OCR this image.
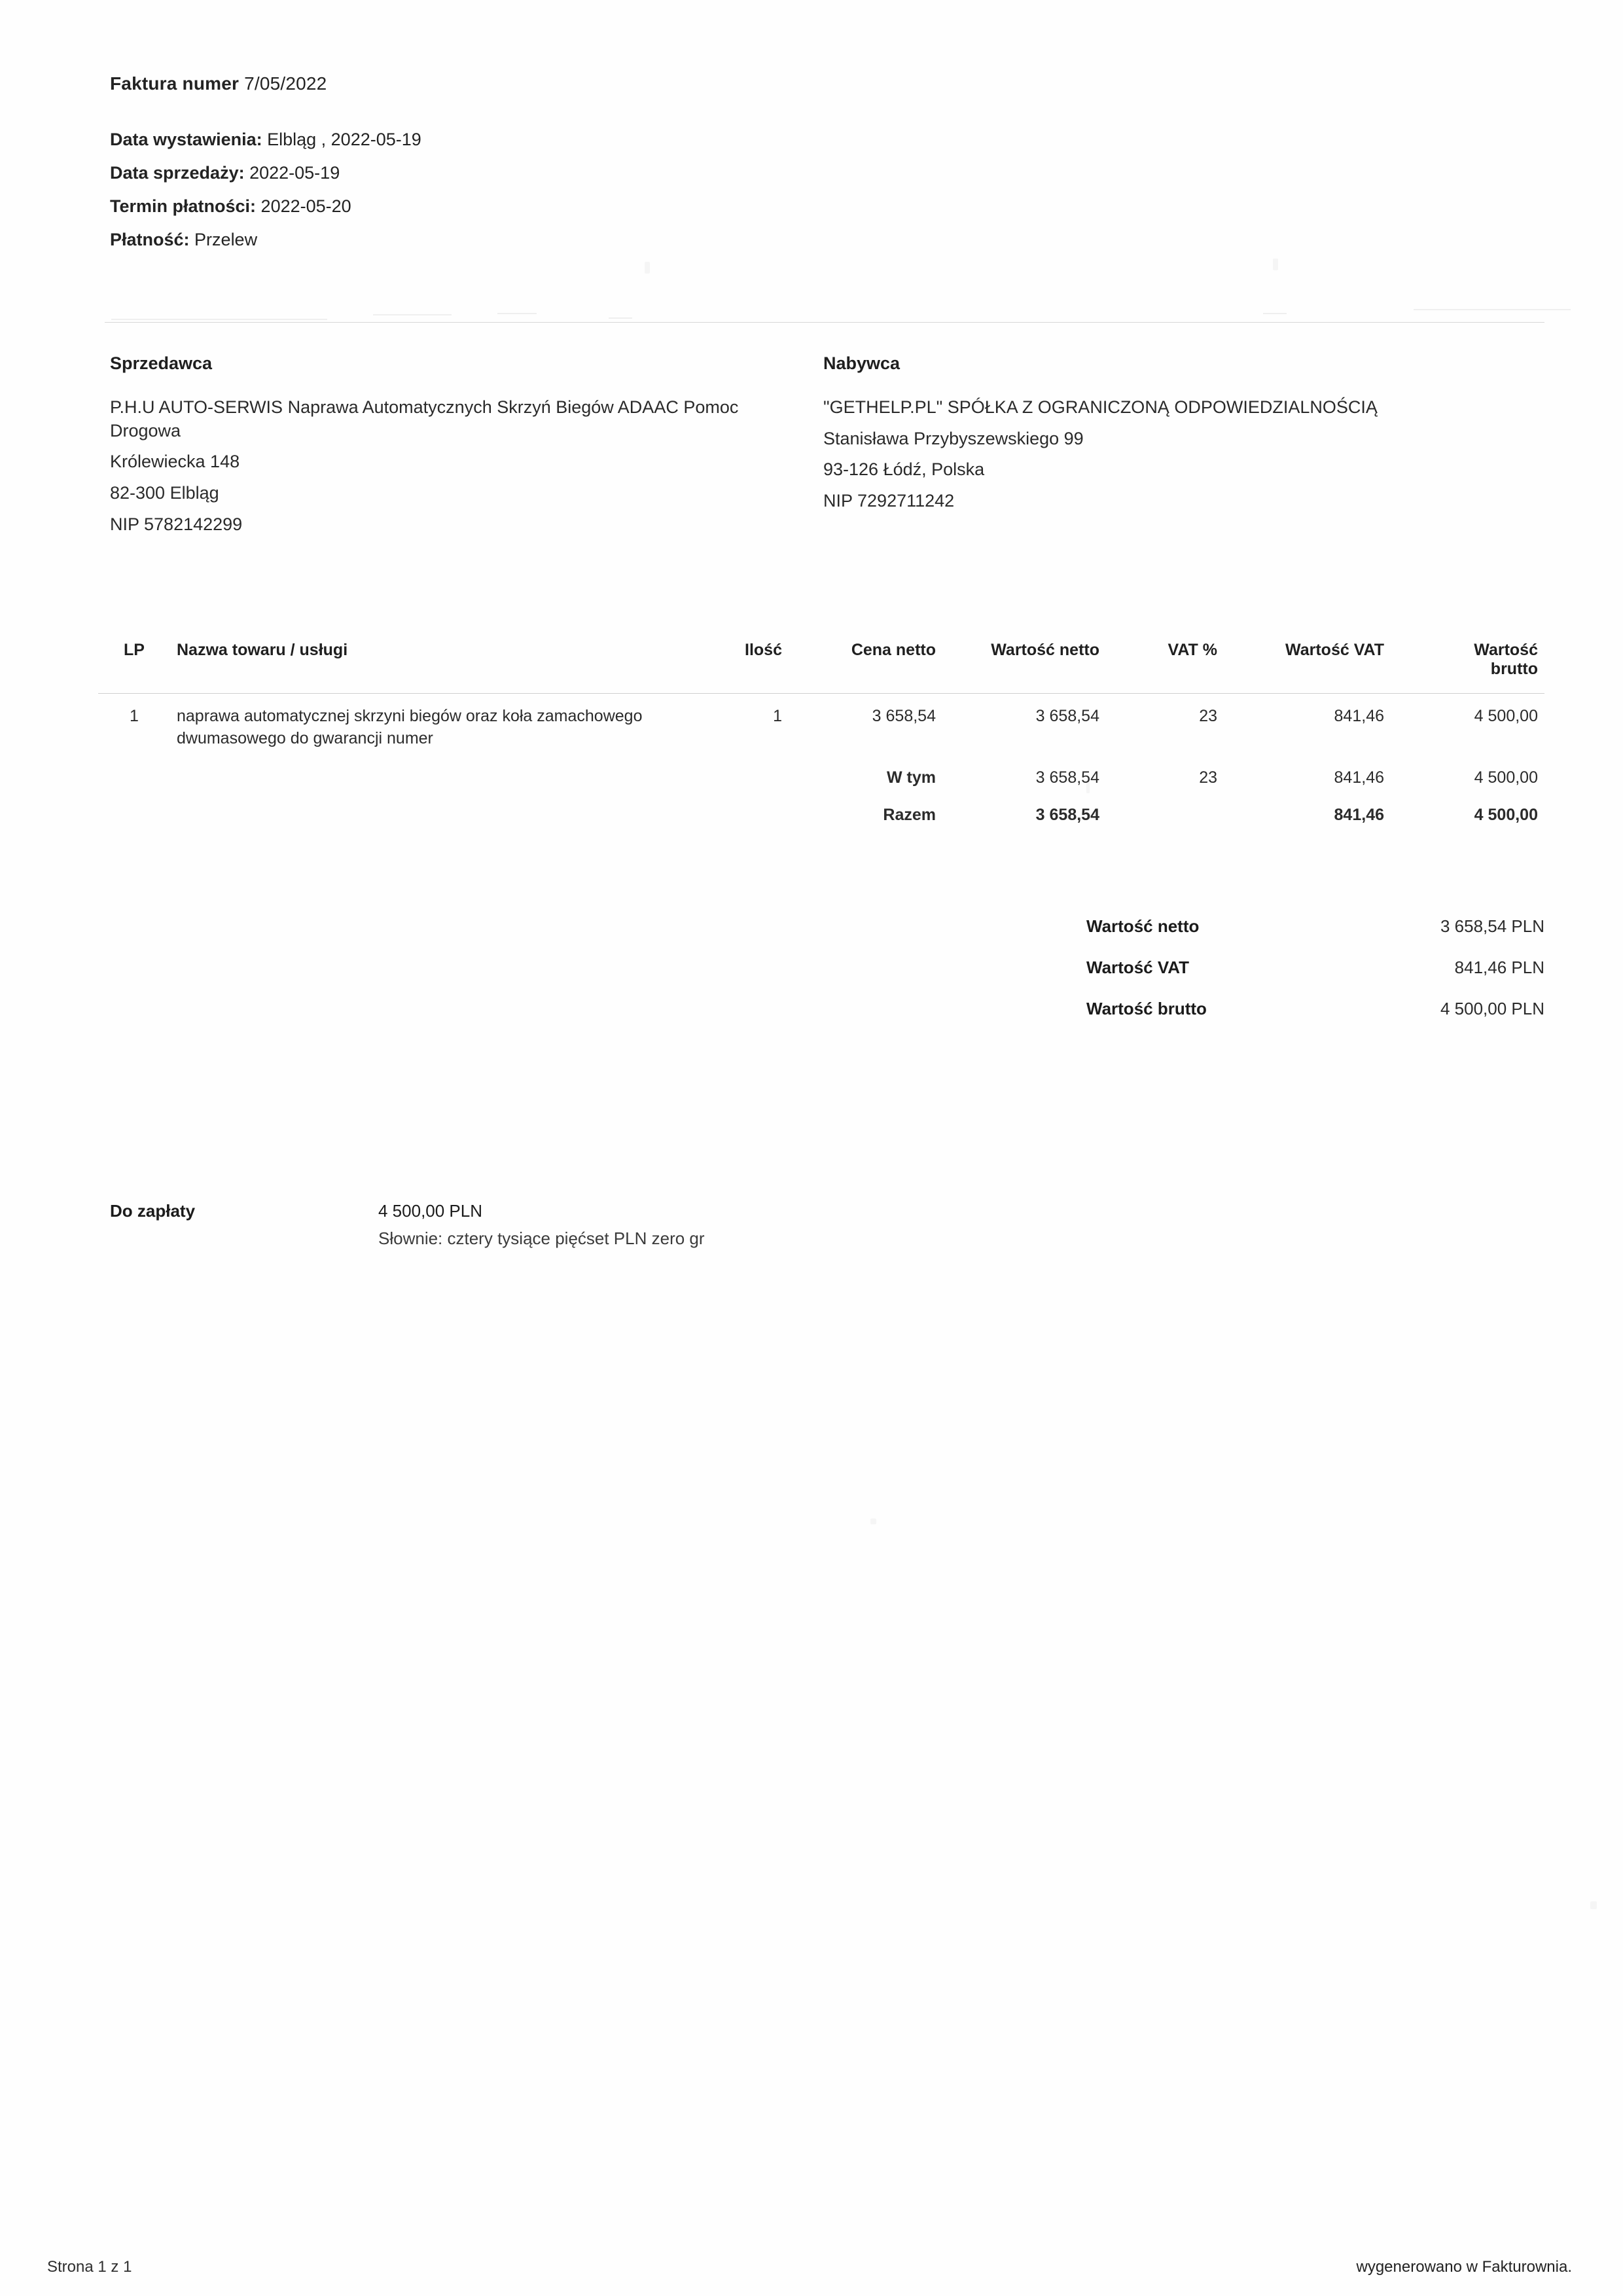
Faktura numer 7/05/2022
Data wystawienia: Elbląg , 2022-05-19
Data sprzedaży: 2022-05-19
Termin płatności: 2022-05-20
Płatność: Przelew
Sprzedawca

P.H.U AUTO-SERWIS Naprawa Automatycznych Skrzyń Biegów ADAAC Pomoc Drogowa

Królewiecka 148

82-300 Elbląg

NIP 5782142299

Nabywca

"GETHELP.PL" SPÓŁKA Z OGRANICZONĄ ODPOWIEDZIALNOŚCIĄ

Stanisława Przybyszewskiego 99

93-126 Łódź, Polska

NIP 7292711242

LP	Nazwa towaru / usługi	Ilość	Cena netto	Wartość netto	VAT %	Wartość VAT	Wartość
brutto
1	naprawa automatycznej skrzyni biegów oraz koła zamachowego dwumasowego do gwarancji numer	1	3 658,54	3 658,54	23	841,46	4 500,00
			W tym	3 658,54	23	841,46	4 500,00
			Razem	3 658,54		841,46	4 500,00
Wartość netto	3 658,54 PLN
Wartość VAT	841,46 PLN
Wartość brutto	4 500,00 PLN
Do zapłaty	4 500,00 PLN
Słownie: cztery tysiące pięćset PLN zero gr
Strona 1 z 1	wygenerowano w Fakturownia.
